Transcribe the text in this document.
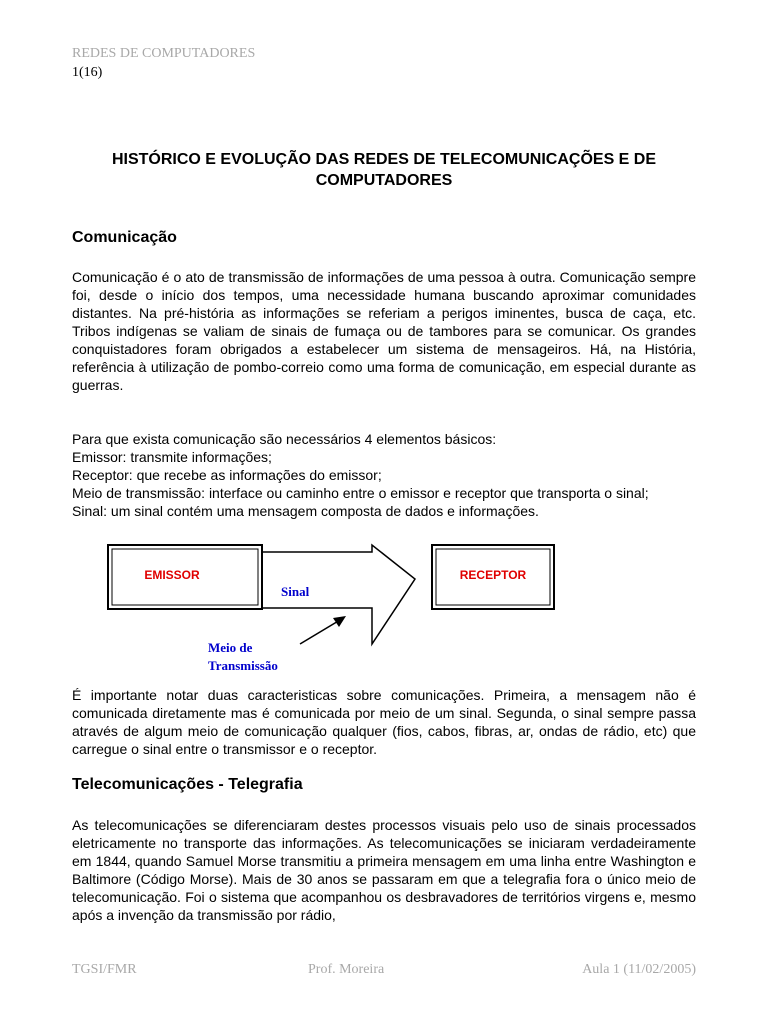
REDES DE COMPUTADORES
1(16)
HISTÓRICO E EVOLUÇÃO DAS REDES DE TELECOMUNICAÇÕES E DE COMPUTADORES
Comunicação

Comunicação é o ato de transmissão de informações de uma pessoa à outra. Comunicação sempre foi, desde o início dos tempos, uma necessidade humana buscando aproximar comunidades distantes. Na pré-história as informações se referiam a perigos iminentes, busca de caça, etc. Tribos indígenas se valiam de sinais de fumaça ou de tambores para se comunicar. Os grandes conquistadores foram obrigados a estabelecer um sistema de mensageiros. Há, na História, referência à utilização de pombo-correio como uma forma de comunicação, em especial durante as guerras.

Para que exista comunicação são necessários 4 elementos básicos:
Emissor: transmite informações;
Receptor: que recebe as informações do emissor;
Meio de transmissão: interface ou caminho entre o emissor e receptor que transporta o sinal;
Sinal: um sinal contém uma mensagem composta de dados e informações.
EMISSOR
Sinal
RECEPTOR
Meio de
Transmissão

É importante notar duas caracteristicas sobre comunicações. Primeira, a mensagem não é comunicada diretamente mas é comunicada por meio de um sinal. Segunda, o sinal sempre passa através de algum meio de comunicação qualquer (fios, cabos, fibras, ar, ondas de rádio, etc) que carregue o sinal entre o transmissor e o receptor.

Telecomunicações - Telegrafia

As telecomunicações se diferenciaram destes processos visuais pelo uso de sinais processados eletricamente no transporte das informações. As telecomunicações se iniciaram verdadeiramente em 1844, quando Samuel Morse transmitiu a primeira mensagem em uma linha entre Washington e Baltimore (Código Morse). Mais de 30 anos se passaram em que a telegrafia fora o único meio de telecomunicação. Foi o sistema que acompanhou os desbravadores de territórios virgens e, mesmo após a invenção da transmissão por rádio,

TGSI/FMR	Prof. Moreira	Aula 1 (11/02/2005)
